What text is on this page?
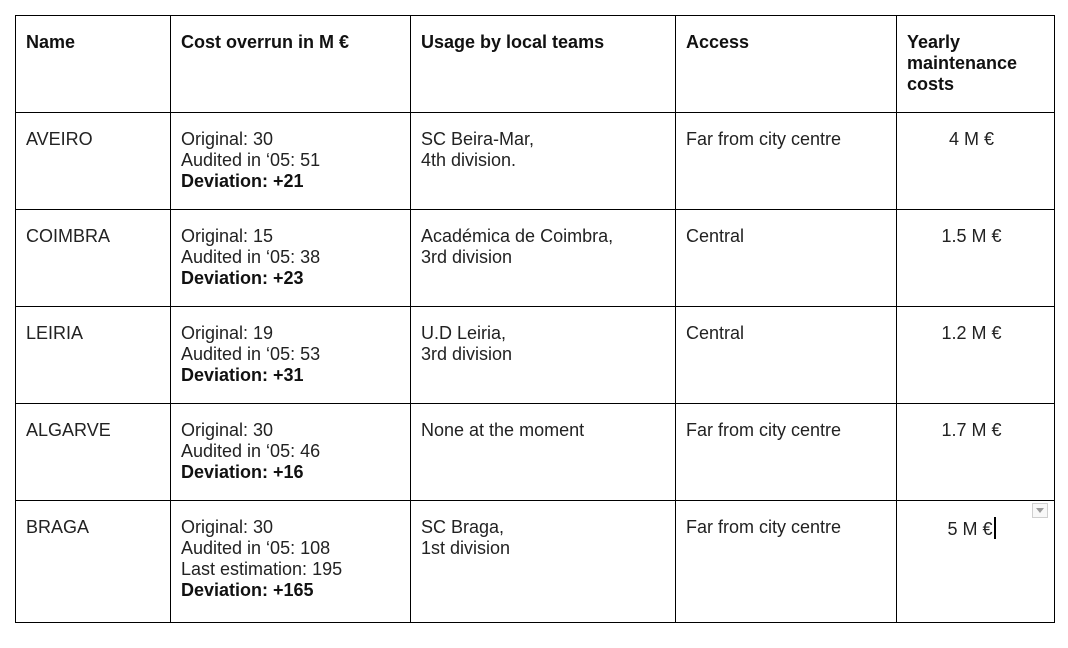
Name	Cost overrun in M €	Usage by local teams	Access	Yearly maintenance costs
AVEIRO	Original: 30
Audited in ‘05: 51
Deviation: +21	SC Beira-Mar,
4th division.	Far from city centre	4 M €
COIMBRA	Original: 15
Audited in ‘05: 38
Deviation: +23	Académica de Coimbra,
3rd division	Central	1.5 M €
LEIRIA	Original: 19
Audited in ‘05: 53
Deviation: +31	U.D Leiria,
3rd division	Central	1.2 M €
ALGARVE	Original: 30
Audited in ‘05: 46
Deviation: +16	None at the moment	Far from city centre	1.7 M €
BRAGA	Original: 30
Audited in ‘05: 108
Last estimation: 195
Deviation: +165	SC Braga,
1st division	Far from city centre	5 M €
